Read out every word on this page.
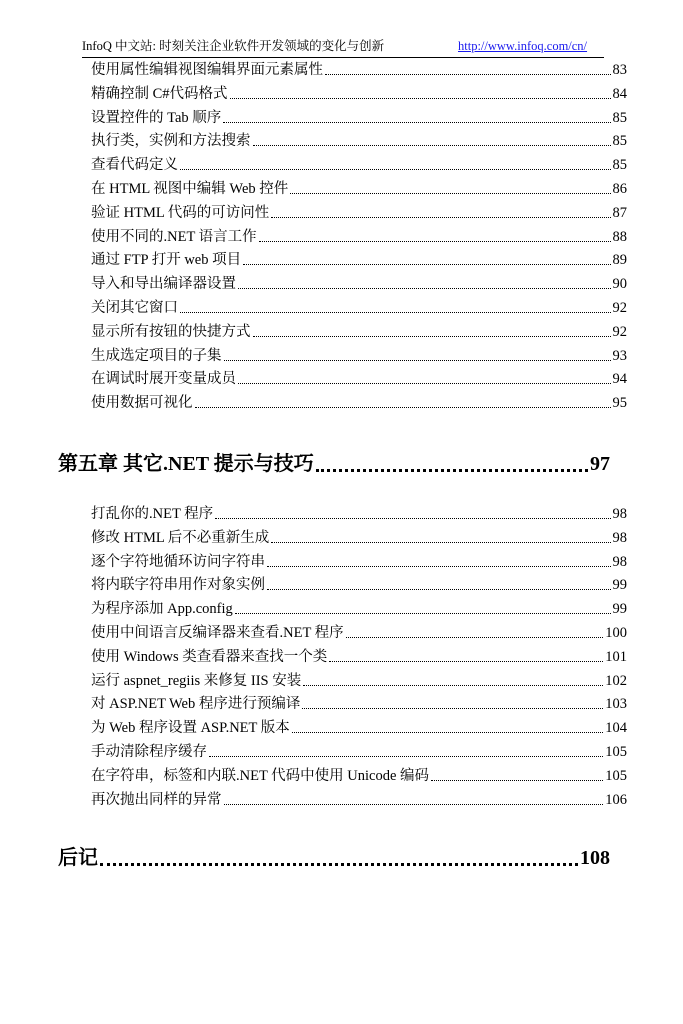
InfoQ 中文站: 时刻关注企业软件开发领域的变化与创新	http://www.infoq.com/cn/
使用属性编辑视图编辑界面元素属性	83
精确控制 C#代码格式	84
设置控件的 Tab 顺序	85
执行类，实例和方法搜索	85
查看代码定义	85
在 HTML 视图中编辑 Web 控件	86
验证 HTML 代码的可访问性	87
使用不同的.NET 语言工作	88
通过 FTP 打开 web 项目	89
导入和导出编译器设置	90
关闭其它窗口	92
显示所有按钮的快捷方式	92
生成选定项目的子集	93
在调试时展开变量成员	94
使用数据可视化	95
第五章 其它.NET 提示与技巧	97
打乱你的.NET 程序	98
修改 HTML 后不必重新生成	98
逐个字符地循环访问字符串	98
将内联字符串用作对象实例	99
为程序添加 App.config	99
使用中间语言反编译器来查看.NET 程序	100
使用 Windows 类查看器来查找一个类	101
运行 aspnet_regiis 来修复 IIS 安装	102
对 ASP.NET Web 程序进行预编译	103
为 Web 程序设置 ASP.NET 版本	104
手动清除程序缓存	105
在字符串，标签和内联.NET 代码中使用 Unicode 编码	105
再次抛出同样的异常	106
后记	108
